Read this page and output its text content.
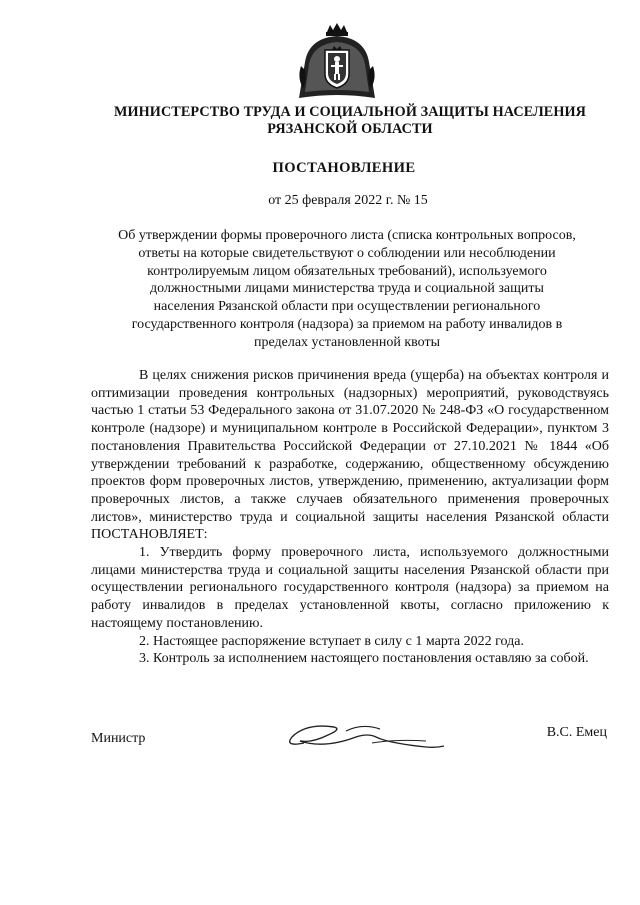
МИНИСТЕРСТВО ТРУДА И СОЦИАЛЬНОЙ ЗАЩИТЫ НАСЕЛЕНИЯ
РЯЗАНСКОЙ ОБЛАСТИ
ПОСТАНОВЛЕНИЕ
от 25 февраля 2022 г. № 15
Об утверждении формы проверочного листа (списка контрольных вопросов, ответы на которые свидетельствуют о соблюдении или несоблюдении контролируемым лицом обязательных требований), используемого должностными лицами министерства труда и социальной защиты населения Рязанской области при осуществлении регионального государственного контроля (надзора) за приемом на работу инвалидов в пределах установленной квоты

В целях снижения рисков причинения вреда (ущерба) на объектах контроля и оптимизации проведения контрольных (надзорных) мероприятий, руководствуясь частью 1 статьи 53 Федерального закона от 31.07.2020 № 248-ФЗ «О государственном контроле (надзоре) и муниципальном контроле в Российской Федерации», пунктом 3 постановления Правительства Российской Федерации от 27.10.2021 № 1844 «Об утверждении требований к разработке, содержанию, общественному обсуждению проектов форм проверочных листов, утверждению, применению, актуализации форм проверочных листов, а также случаев обязательного применения проверочных листов», министерство труда и социальной защиты населения Рязанской области ПОСТАНОВЛЯЕТ:

1. Утвердить форму проверочного листа, используемого должностными лицами министерства труда и социальной защиты населения Рязанской области при осуществлении регионального государственного контроля (надзора) за приемом на работу инвалидов в пределах установленной квоты, согласно приложению к настоящему постановлению.

2. Настоящее распоряжение вступает в силу с 1 марта 2022 года.

3. Контроль за исполнением настоящего постановления оставляю за собой.

Министр	В.С. Емец
